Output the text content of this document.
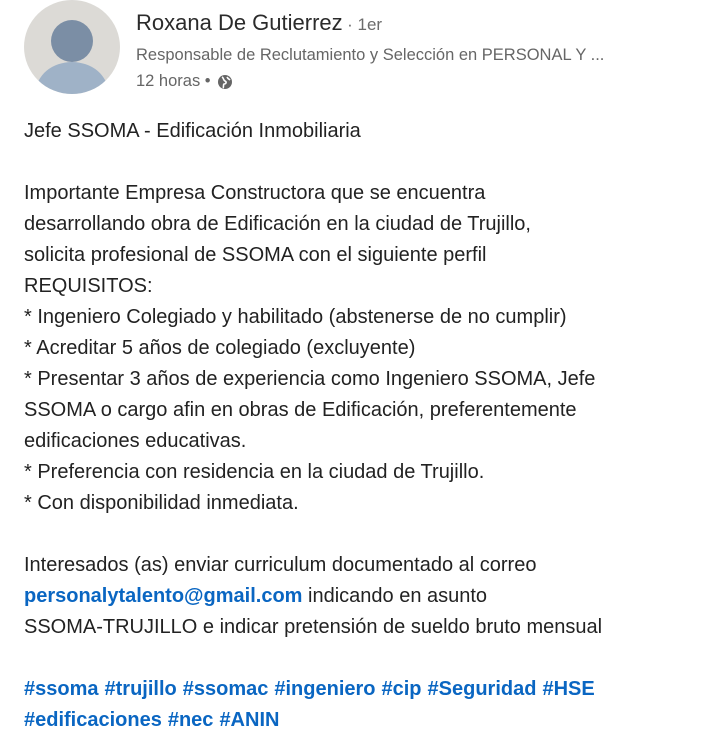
Roxana De Gutierrez · 1er
Responsable de Reclutamiento y Selección en PERSONAL Y ...
12 horas •

Jefe SSOMA - Edificación Inmobiliaria

Importante Empresa Constructora que se encuentra

desarrollando obra de Edificación en la ciudad de Trujillo,

solicita profesional de SSOMA con el siguiente perfil

REQUISITOS:

* Ingeniero Colegiado y habilitado (abstenerse de no cumplir)

* Acreditar 5 años de colegiado (excluyente)

* Presentar 3 años de experiencia como Ingeniero SSOMA, Jefe

SSOMA o cargo afin en obras de Edificación, preferentemente

edificaciones educativas.

* Preferencia con residencia en la ciudad de Trujillo.

* Con disponibilidad inmediata.

Interesados (as) enviar curriculum documentado al correo

personalytalento@gmail.com indicando en asunto

SSOMA-TRUJILLO e indicar pretensión de sueldo bruto mensual

#ssoma #trujillo #ssomac #ingeniero #cip #Seguridad #HSE

#edificaciones #nec #ANIN
